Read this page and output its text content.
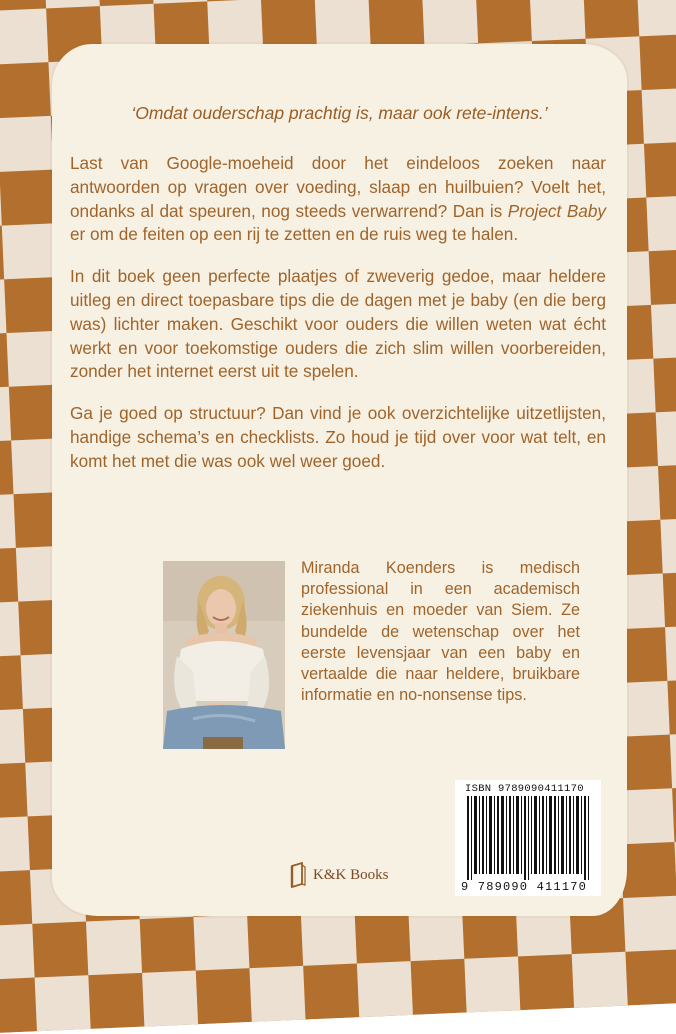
‘Omdat ouderschap prachtig is, maar ook rete-intens.’

Last van Google-moeheid door het eindeloos zoeken naar antwoorden op vragen over voeding, slaap en huilbuien? Voelt het, ondanks al dat speuren, nog steeds verwarrend? Dan is Project Baby er om de feiten op een rij te zetten en de ruis weg te halen.

In dit boek geen perfecte plaatjes of zweverig gedoe, maar heldere uitleg en direct toepasbare tips die de dagen met je baby (en die berg was) lichter maken. Geschikt voor ouders die willen weten wat écht werkt en voor toekomstige ouders die zich slim willen voorbereiden, zonder het internet eerst uit te spelen.

Ga je goed op structuur? Dan vind je ook overzichtelijke uitzetlijsten, handige schema’s en checklists. Zo houd je tijd over voor wat telt, en komt het met die was ook wel weer goed.

Miranda Koenders is medisch professional in een academisch ziekenhuis en moeder van Siem. Ze bundelde de wetenschap over het eerste levensjaar van een baby en vertaalde die naar heldere, bruikbare informatie en no-nonsense tips.
ISBN 9789090411170
9 789090 411170
K&K Books
